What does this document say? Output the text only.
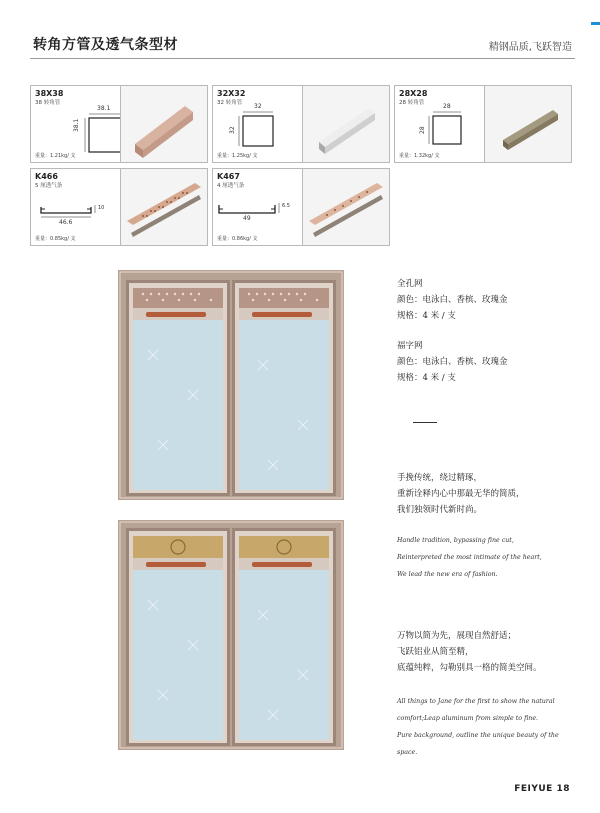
转角方管及透气条型材	精钢品质,飞跃智造
38X38
38 转角管
38.1
38.1
重量：1.21kg/ 支
32X32
32 转角管 32
32
重量：1.25kg/ 支
28X28
28 转角管	28
28
重量：1.32kg/ 支
K466
5 厘透气条
46.6
10
重量：0.85kg/ 支
K467
4 厘透气条
49
6.5
重量：0.86kg/ 支
全孔网
颜色：电泳白、香槟、玫瑰金
规格：4 米 / 支
福字网
颜色：电泳白、香槟、玫瑰金
规格：4 米 / 支
手挽传统，绕过精琢，
重新诠释内心中那最无华的简质，
我们独领时代新时尚。
Handle tradition, bypassing fine cut,
Reinterpreted the most intimate of the heart,
We lead the new era of fashion.
万物以简为先，展现自然舒适；
飞跃铝业从简至精，
底蕴纯粹，勾勒别具一格的简美空间。
All things to Jane for the first to show the natural
comfort;Leap aluminum from simple to fine.
Pure background, outline the unique beauty of the
space.
FEIYUE 18
